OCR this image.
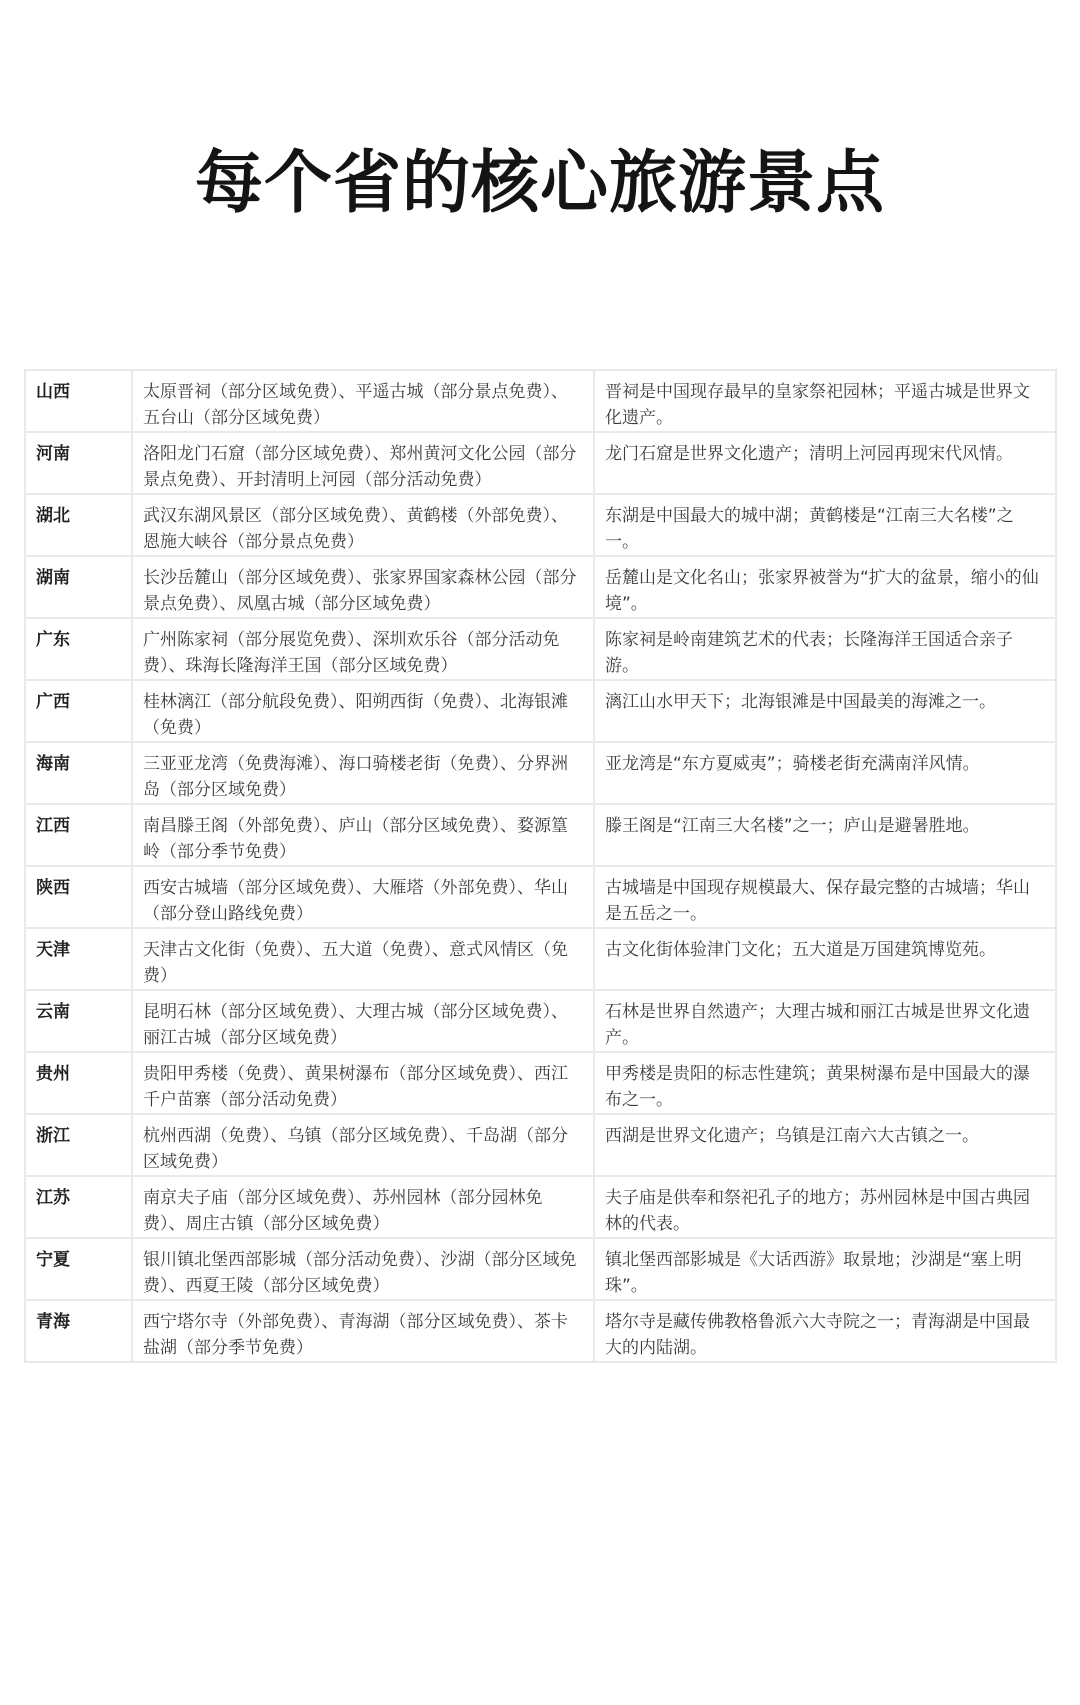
每个省的核心旅游景点
山西	太原晋祠（部分区域免费）、平遥古城（部分景点免费）、五台山（部分区域免费）	晋祠是中国现存最早的皇家祭祀园林；平遥古城是世界文化遗产。
河南	洛阳龙门石窟（部分区域免费）、郑州黄河文化公园（部分景点免费）、开封清明上河园（部分活动免费）	龙门石窟是世界文化遗产；清明上河园再现宋代风情。
湖北	武汉东湖风景区（部分区域免费）、黄鹤楼（外部免费）、恩施大峡谷（部分景点免费）	东湖是中国最大的城中湖；黄鹤楼是“江南三大名楼”之一。
湖南	长沙岳麓山（部分区域免费）、张家界国家森林公园（部分景点免费）、凤凰古城（部分区域免费）	岳麓山是文化名山；张家界被誉为“扩大的盆景，缩小的仙境”。
广东	广州陈家祠（部分展览免费）、深圳欢乐谷（部分活动免费）、珠海长隆海洋王国（部分区域免费）	陈家祠是岭南建筑艺术的代表；长隆海洋王国适合亲子游。
广西	桂林漓江（部分航段免费）、阳朔西街（免费）、北海银滩（免费）	漓江山水甲天下；北海银滩是中国最美的海滩之一。
海南	三亚亚龙湾（免费海滩）、海口骑楼老街（免费）、分界洲岛（部分区域免费）	亚龙湾是“东方夏威夷”；骑楼老街充满南洋风情。
江西	南昌滕王阁（外部免费）、庐山（部分区域免费）、婺源篁岭（部分季节免费）	滕王阁是“江南三大名楼”之一；庐山是避暑胜地。
陕西	西安古城墙（部分区域免费）、大雁塔（外部免费）、华山（部分登山路线免费）	古城墙是中国现存规模最大、保存最完整的古城墙；华山是五岳之一。
天津	天津古文化街（免费）、五大道（免费）、意式风情区（免费）	古文化街体验津门文化；五大道是万国建筑博览苑。
云南	昆明石林（部分区域免费）、大理古城（部分区域免费）、丽江古城（部分区域免费）	石林是世界自然遗产；大理古城和丽江古城是世界文化遗产。
贵州	贵阳甲秀楼（免费）、黄果树瀑布（部分区域免费）、西江千户苗寨（部分活动免费）	甲秀楼是贵阳的标志性建筑；黄果树瀑布是中国最大的瀑布之一。
浙江	杭州西湖（免费）、乌镇（部分区域免费）、千岛湖（部分区域免费）	西湖是世界文化遗产；乌镇是江南六大古镇之一。
江苏	南京夫子庙（部分区域免费）、苏州园林（部分园林免费）、周庄古镇（部分区域免费）	夫子庙是供奉和祭祀孔子的地方；苏州园林是中国古典园林的代表。
宁夏	银川镇北堡西部影城（部分活动免费）、沙湖（部分区域免费）、西夏王陵（部分区域免费）	镇北堡西部影城是《大话西游》取景地；沙湖是“塞上明珠”。
青海	西宁塔尔寺（外部免费）、青海湖（部分区域免费）、茶卡盐湖（部分季节免费）	塔尔寺是藏传佛教格鲁派六大寺院之一；青海湖是中国最大的内陆湖。
